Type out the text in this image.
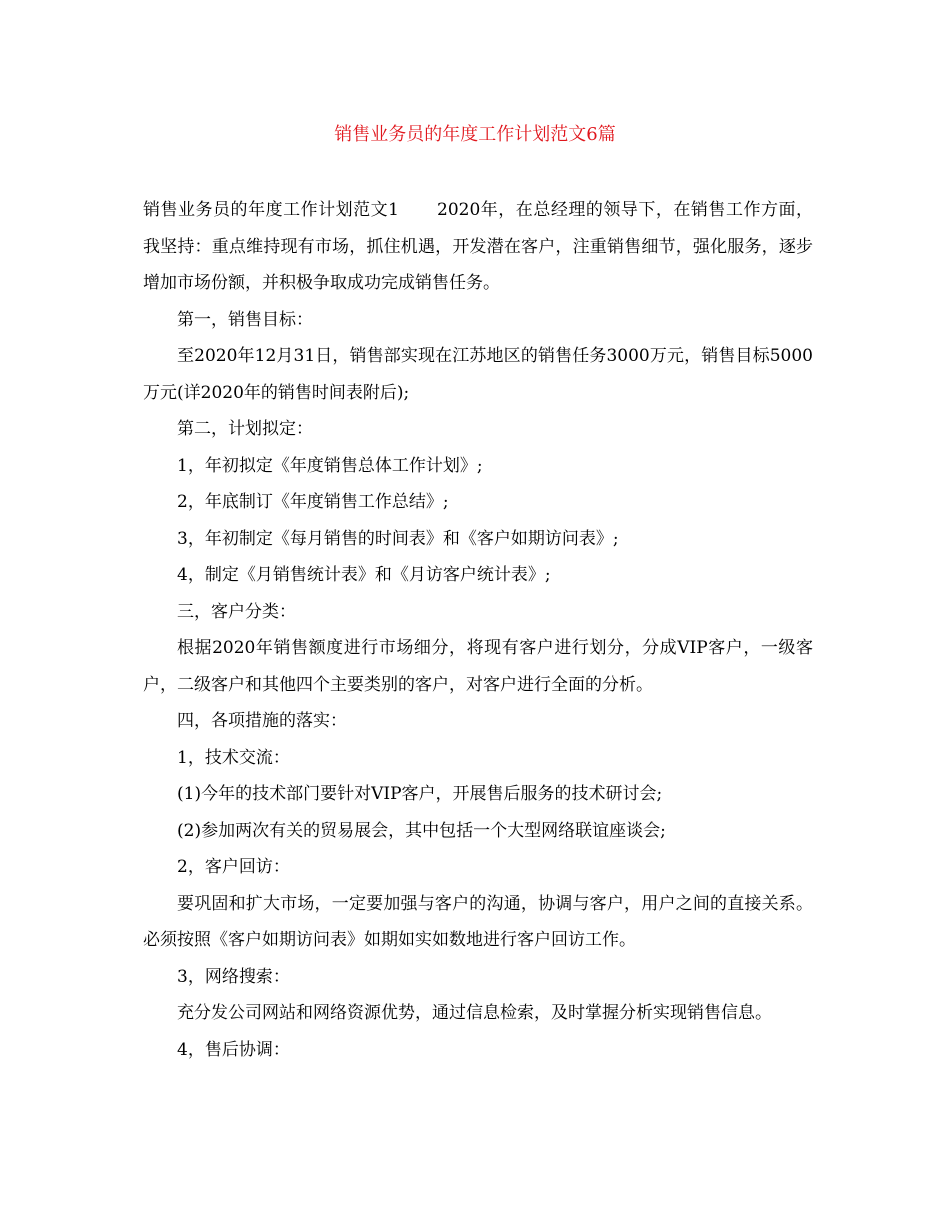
销售业务员的年度工作计划范文6篇

销售业务员的年度工作计划范文1 2020年，在总经理的领导下，在销售工作方面，我坚持：重点维持现有市场，抓住机遇，开发潜在客户，注重销售细节，强化服务，逐步增加市场份额，并积极争取成功完成销售任务。

第一，销售目标：

至2020年12月31日，销售部实现在江苏地区的销售任务3000万元，销售目标5000万元(详2020年的销售时间表附后);

第二，计划拟定：

1，年初拟定《年度销售总体工作计划》;

2，年底制订《年度销售工作总结》;

3，年初制定《每月销售的时间表》和《客户如期访问表》;

4，制定《月销售统计表》和《月访客户统计表》;

三，客户分类：

根据2020年销售额度进行市场细分，将现有客户进行划分，分成VIP客户，一级客户，二级客户和其他四个主要类别的客户，对客户进行全面的分析。

四，各项措施的落实：

1，技术交流：

(1)今年的技术部门要针对VIP客户，开展售后服务的技术研讨会;

(2)参加两次有关的贸易展会，其中包括一个大型网络联谊座谈会;

2，客户回访：

要巩固和扩大市场，一定要加强与客户的沟通，协调与客户，用户之间的直接关系。必须按照《客户如期访问表》如期如实如数地进行客户回访工作。

3，网络搜索：

充分发公司网站和网络资源优势，通过信息检索，及时掌握分析实现销售信息。

4，售后协调：
